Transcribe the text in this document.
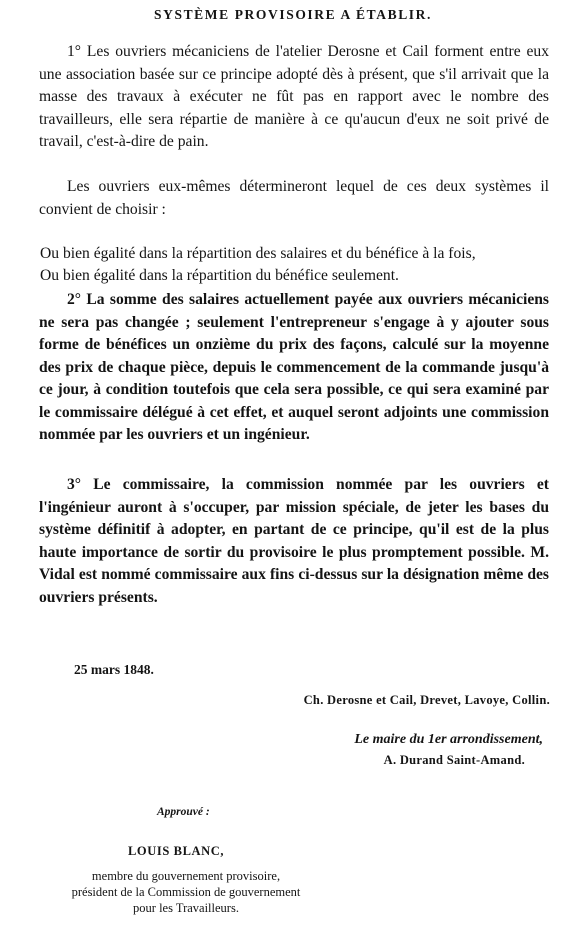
SYSTÈME PROVISOIRE A ÉTABLIR.
1° Les ouvriers mécaniciens de l'atelier Derosne et Cail forment entre eux une association basée sur ce principe adopté dès à présent, que s'il arrivait que la masse des travaux à exécuter ne fût pas en rapport avec le nombre des travailleurs, elle sera répartie de manière à ce qu'aucun d'eux ne soit privé de travail, c'est-à-dire de pain.
Les ouvriers eux-mêmes détermineront lequel de ces deux systèmes il convient de choisir :
Ou bien égalité dans la répartition des salaires et du bénéfice à la fois,
Ou bien égalité dans la répartition du bénéfice seulement.
2° La somme des salaires actuellement payée aux ouvriers mécaniciens ne sera pas changée ; seulement l'entrepreneur s'engage à y ajouter sous forme de bénéfices un onzième du prix des façons, calculé sur la moyenne des prix de chaque pièce, depuis le commencement de la commande jusqu'à ce jour, à condition toutefois que cela sera possible, ce qui sera examiné par le commissaire délégué à cet effet, et auquel seront adjoints une commission nommée par les ouvriers et un ingénieur.
3° Le commissaire, la commission nommée par les ouvriers et l'ingénieur auront à s'occuper, par mission spéciale, de jeter les bases du système définitif à adopter, en partant de ce principe, qu'il est de la plus haute importance de sortir du provisoire le plus promptement possible. M. Vidal est nommé commissaire aux fins ci-dessus sur la désignation même des ouvriers présents.
25 mars 1848.
Ch. Derosne et Cail, Drevet, Lavoye, Collin.
Le maire du 1er arrondissement,
A. Durand Saint-Amand.
Approuvé :
LOUIS BLANC,
membre du gouvernement provisoire,
président de la Commission de gouvernement
pour les Travailleurs.
